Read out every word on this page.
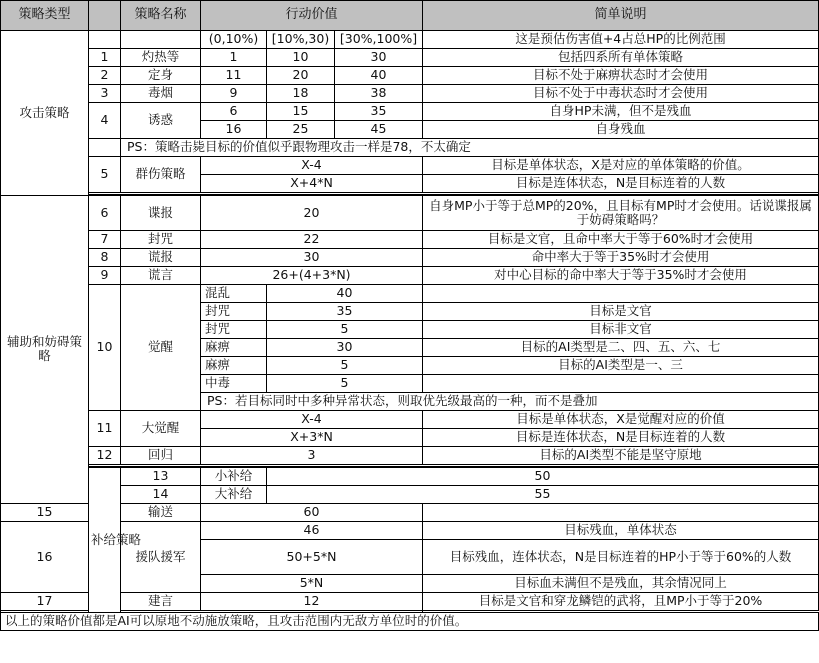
策略类型		策略名称	行动价值			简单说明	
攻击策略			(0,10%)	[10%,30)	[30%,100%]	这是预估伤害值+4占总HP的比例范围	
	1	灼热等	1	10	30	包括四系所有单体策略	
	2	定身	11	20	40	目标不处于麻痹状态时才会使用	
	3	毒烟	9	18	38	目标不处于中毒状态时才会使用	
	4	诱惑	6	15	35	自身HP未满，但不是残血	
			16	25	45	自身残血	
		PS：策略击毙目标的价值似乎跟物理攻击一样是78，不太确定					
	5	群伤策略	X-4			目标是单体状态，X是对应的单体策略的价值。	
			X+4*N			目标是连体状态，N是目标连着的人数	

辅助和妨碍策略	6	谍报	20			自身MP小于等于总MP的20%，且目标有MP时才会使用。话说谍报属于妨碍策略吗？	
	7	封咒	22			目标是文官，且命中率大于等于60%时才会使用	
	8	谎报	30			命中率大于等于35%时才会使用	
	9	谎言	26+(4+3*N)			对中心目标的命中率大于等于35%时才会使用	
	10	觉醒	混乱	40			
			封咒	35		目标是文官	
			封咒	5		目标非文官	
			麻痹	30		目标的AI类型是二、四、五、六、七	
			麻痹	5		目标的AI类型是一、三	
			中毒	5			
			PS：若目标同时中多种异常状态，则取优先级最高的一种，而不是叠加				
	11	大觉醒	X-4			目标是单体状态，X是觉醒对应的价值	
			X+3*N			目标是连体状态，N是目标连着的人数	
	12	回归	3			目标的AI类型不能是坚守原地	

	补给策略	13	小补给	50	
		14	大补给	55			
15		输送	60				
16		援队援军	46			目标残血，单体状态	
			50+5*N			目标残血，连体状态，N是目标连着的HP小于等于60%的人数	
			5*N			目标血未满但不是残血，其余情况同上	
17		建言	12			目标是文官和穿龙鳞铠的武将，且MP小于等于20%	

以上的策略价值都是AI可以原地不动施放策略，且攻击范围内无敌方单位时的价值。							
